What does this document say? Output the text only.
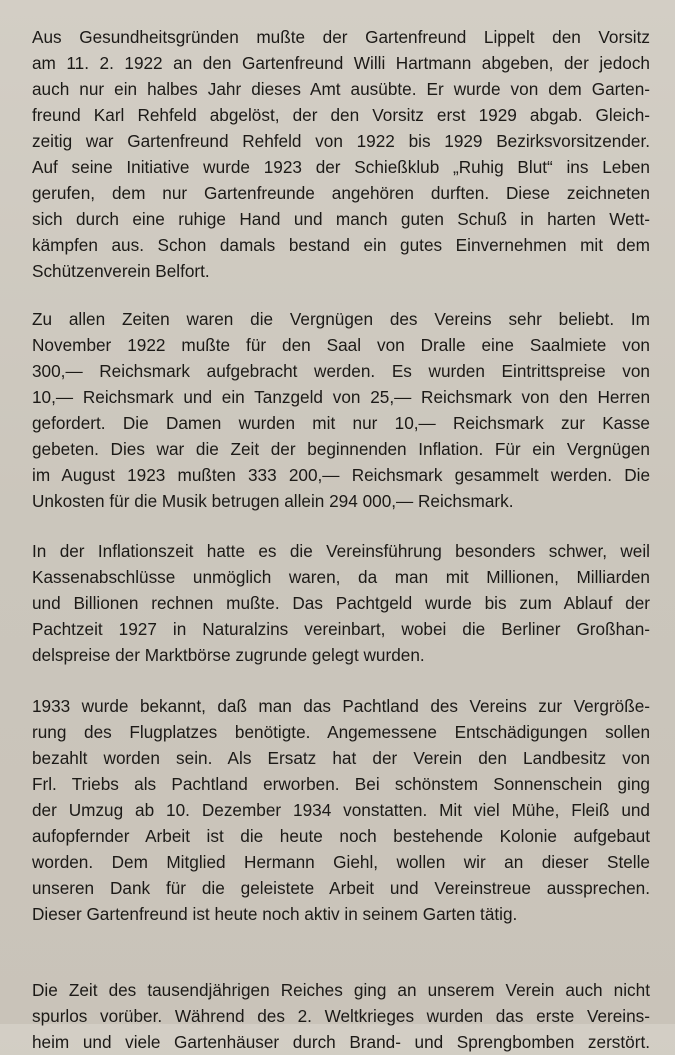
Aus Gesundheitsgründen mußte der Gartenfreund Lippelt den Vorsitz
am 11. 2. 1922 an den Gartenfreund Willi Hartmann abgeben, der jedoch
auch nur ein halbes Jahr dieses Amt ausübte. Er wurde von dem Garten-
freund Karl Rehfeld abgelöst, der den Vorsitz erst 1929 abgab. Gleich-
zeitig war Gartenfreund Rehfeld von 1922 bis 1929 Bezirksvorsitzender.
Auf seine Initiative wurde 1923 der Schießklub „Ruhig Blut“ ins Leben
gerufen, dem nur Gartenfreunde angehören durften. Diese zeichneten
sich durch eine ruhige Hand und manch guten Schuß in harten Wett-
kämpfen aus. Schon damals bestand ein gutes Einvernehmen mit dem
Schützenverein Belfort.

Zu allen Zeiten waren die Vergnügen des Vereins sehr beliebt. Im
November 1922 mußte für den Saal von Dralle eine Saalmiete von
300,— Reichsmark aufgebracht werden. Es wurden Eintrittspreise von
10,— Reichsmark und ein Tanzgeld von 25,— Reichsmark von den Herren
gefordert. Die Damen wurden mit nur 10,— Reichsmark zur Kasse
gebeten. Dies war die Zeit der beginnenden Inflation. Für ein Vergnügen
im August 1923 mußten 333 200,— Reichsmark gesammelt werden. Die
Unkosten für die Musik betrugen allein 294 000,— Reichsmark.

In der Inflationszeit hatte es die Vereinsführung besonders schwer, weil
Kassenabschlüsse unmöglich waren, da man mit Millionen, Milliarden
und Billionen rechnen mußte. Das Pachtgeld wurde bis zum Ablauf der
Pachtzeit 1927 in Naturalzins vereinbart, wobei die Berliner Großhan-
delspreise der Marktbörse zugrunde gelegt wurden.

1933 wurde bekannt, daß man das Pachtland des Vereins zur Vergröße-
rung des Flugplatzes benötigte. Angemessene Entschädigungen sollen
bezahlt worden sein. Als Ersatz hat der Verein den Landbesitz von
Frl. Triebs als Pachtland erworben. Bei schönstem Sonnenschein ging
der Umzug ab 10. Dezember 1934 vonstatten. Mit viel Mühe, Fleiß und
aufopfernder Arbeit ist die heute noch bestehende Kolonie aufgebaut
worden. Dem Mitglied Hermann Giehl, wollen wir an dieser Stelle
unseren Dank für die geleistete Arbeit und Vereinstreue aussprechen.
Dieser Gartenfreund ist heute noch aktiv in seinem Garten tätig.

Die Zeit des tausendjährigen Reiches ging an unserem Verein auch nicht
spurlos vorüber. Während des 2. Weltkrieges wurden das erste Vereins-
heim und viele Gartenhäuser durch Brand- und Sprengbomben zerstört.
